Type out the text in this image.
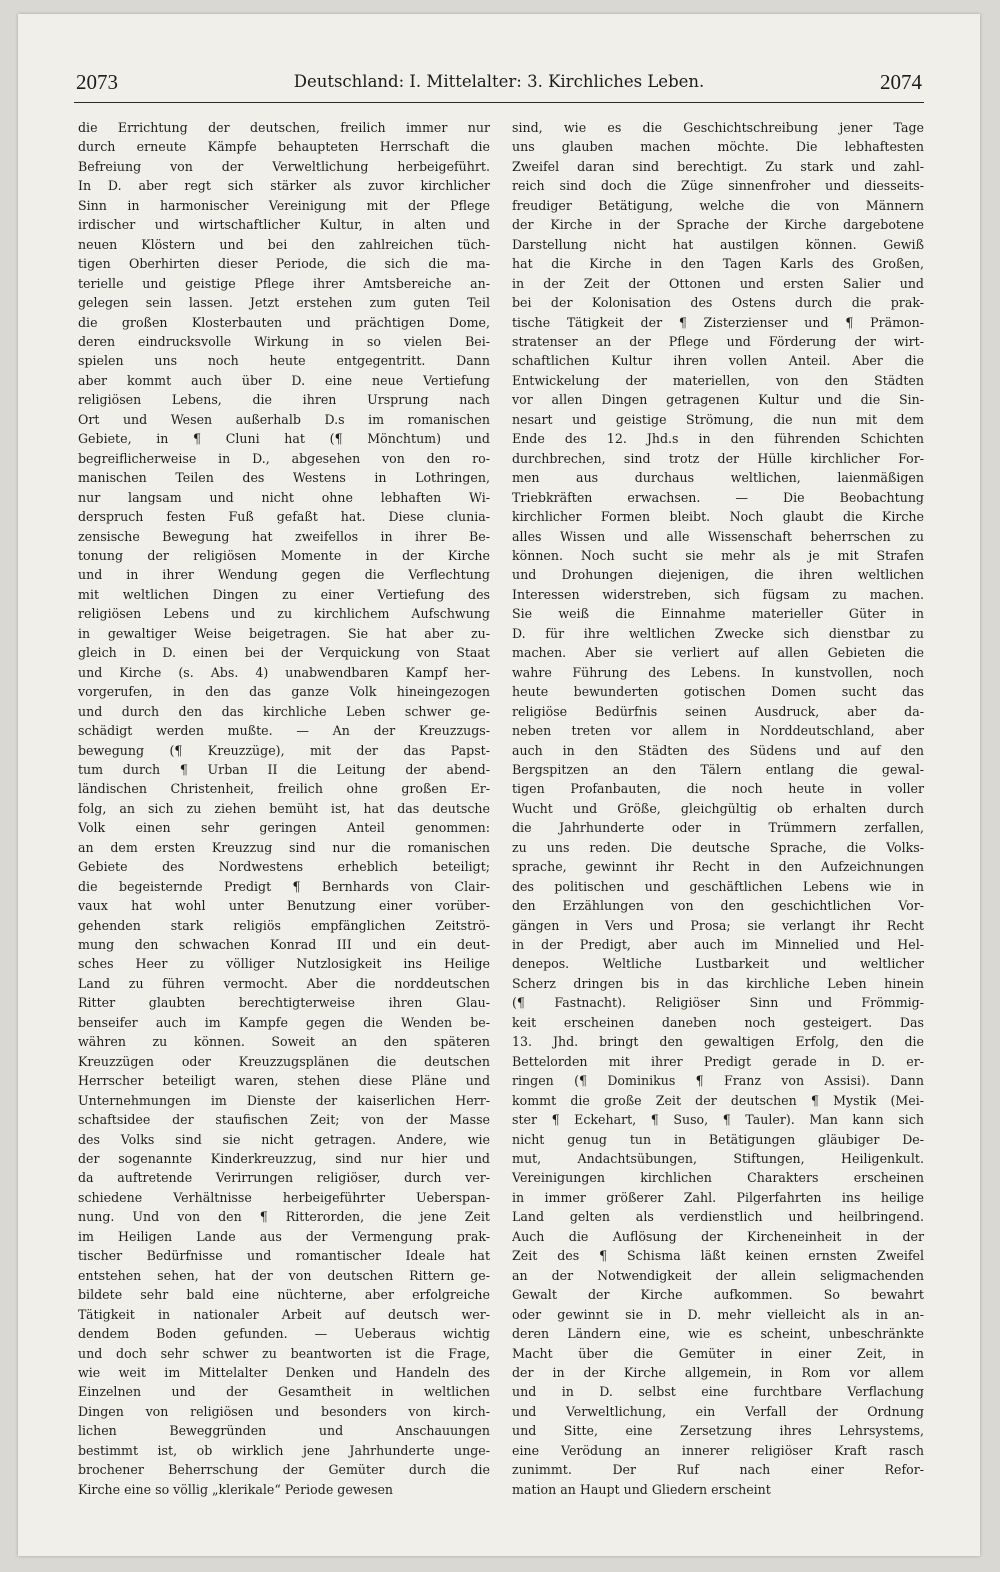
2073	Deutschland: I. Mittelalter: 3. Kirchliches Leben.	2074
die Errichtung der deutschen, freilich immer nur
durch erneute Kämpfe behaupteten Herrschaft die
Befreiung von der Verweltlichung herbeigeführt.
In D. aber regt sich stärker als zuvor kirchlicher
Sinn in harmonischer Vereinigung mit der Pflege
irdischer und wirtschaftlicher Kultur, in alten und
neuen Klöstern und bei den zahlreichen tüch-
tigen Oberhirten dieser Periode, die sich die ma-
terielle und geistige Pflege ihrer Amtsbereiche an-
gelegen sein lassen. Jetzt erstehen zum guten Teil
die großen Klosterbauten und prächtigen Dome,
deren eindrucksvolle Wirkung in so vielen Bei-
spielen uns noch heute entgegentritt. Dann
aber kommt auch über D. eine neue Vertiefung
religiösen Lebens, die ihren Ursprung nach
Ort und Wesen außerhalb D.s im romanischen
Gebiete, in ¶ Cluni hat (¶ Mönchtum) und
begreiflicherweise in D., abgesehen von den ro-
manischen Teilen des Westens in Lothringen,
nur langsam und nicht ohne lebhaften Wi-
derspruch festen Fuß gefaßt hat. Diese clunia-
zensische Bewegung hat zweifellos in ihrer Be-
tonung der religiösen Momente in der Kirche
und in ihrer Wendung gegen die Verflechtung
mit weltlichen Dingen zu einer Vertiefung des
religiösen Lebens und zu kirchlichem Aufschwung
in gewaltiger Weise beigetragen. Sie hat aber zu-
gleich in D. einen bei der Verquickung von Staat
und Kirche (s. Abs. 4) unabwendbaren Kampf her-
vorgerufen, in den das ganze Volk hineingezogen
und durch den das kirchliche Leben schwer ge-
schädigt werden mußte. — An der Kreuzzugs-
bewegung (¶ Kreuzzüge), mit der das Papst-
tum durch ¶ Urban II die Leitung der abend-
ländischen Christenheit, freilich ohne großen Er-
folg, an sich zu ziehen bemüht ist, hat das deutsche
Volk einen sehr geringen Anteil genommen:
an dem ersten Kreuzzug sind nur die romanischen
Gebiete des Nordwestens erheblich beteiligt;
die begeisternde Predigt ¶ Bernhards von Clair-
vaux hat wohl unter Benutzung einer vorüber-
gehenden stark religiös empfänglichen Zeitströ-
mung den schwachen Konrad III und ein deut-
sches Heer zu völliger Nutzlosigkeit ins Heilige
Land zu führen vermocht. Aber die norddeutschen
Ritter glaubten berechtigterweise ihren Glau-
benseifer auch im Kampfe gegen die Wenden be-
währen zu können. Soweit an den späteren
Kreuzzügen oder Kreuzzugsplänen die deutschen
Herrscher beteiligt waren, stehen diese Pläne und
Unternehmungen im Dienste der kaiserlichen Herr-
schaftsidee der staufischen Zeit; von der Masse
des Volks sind sie nicht getragen. Andere, wie
der sogenannte Kinderkreuzzug, sind nur hier und
da auftretende Verirrungen religiöser, durch ver-
schiedene Verhältnisse herbeigeführter Ueberspan-
nung. Und von den ¶ Ritterorden, die jene Zeit
im Heiligen Lande aus der Vermengung prak-
tischer Bedürfnisse und romantischer Ideale hat
entstehen sehen, hat der von deutschen Rittern ge-
bildete sehr bald eine nüchterne, aber erfolgreiche
Tätigkeit in nationaler Arbeit auf deutsch wer-
dendem Boden gefunden. — Ueberaus wichtig
und doch sehr schwer zu beantworten ist die Frage,
wie weit im Mittelalter Denken und Handeln des
Einzelnen und der Gesamtheit in weltlichen
Dingen von religiösen und besonders von kirch-
lichen Beweggründen und Anschauungen
bestimmt ist, ob wirklich jene Jahrhunderte unge-
brochener Beherrschung der Gemüter durch die
Kirche eine so völlig „klerikale“ Periode gewesen
sind, wie es die Geschichtschreibung jener Tage
uns glauben machen möchte. Die lebhaftesten
Zweifel daran sind berechtigt. Zu stark und zahl-
reich sind doch die Züge sinnenfroher und diesseits-
freudiger Betätigung, welche die von Männern
der Kirche in der Sprache der Kirche dargebotene
Darstellung nicht hat austilgen können. Gewiß
hat die Kirche in den Tagen Karls des Großen,
in der Zeit der Ottonen und ersten Salier und
bei der Kolonisation des Ostens durch die prak-
tische Tätigkeit der ¶ Zisterzienser und ¶ Prämon-
stratenser an der Pflege und Förderung der wirt-
schaftlichen Kultur ihren vollen Anteil. Aber die
Entwickelung der materiellen, von den Städten
vor allen Dingen getragenen Kultur und die Sin-
nesart und geistige Strömung, die nun mit dem
Ende des 12. Jhd.s in den führenden Schichten
durchbrechen, sind trotz der Hülle kirchlicher For-
men aus durchaus weltlichen, laienmäßigen
Triebkräften erwachsen. — Die Beobachtung
kirchlicher Formen bleibt. Noch glaubt die Kirche
alles Wissen und alle Wissenschaft beherrschen zu
können. Noch sucht sie mehr als je mit Strafen
und Drohungen diejenigen, die ihren weltlichen
Interessen widerstreben, sich fügsam zu machen.
Sie weiß die Einnahme materieller Güter in
D. für ihre weltlichen Zwecke sich dienstbar zu
machen. Aber sie verliert auf allen Gebieten die
wahre Führung des Lebens. In kunstvollen, noch
heute bewunderten gotischen Domen sucht das
religiöse Bedürfnis seinen Ausdruck, aber da-
neben treten vor allem in Norddeutschland, aber
auch in den Städten des Südens und auf den
Bergspitzen an den Tälern entlang die gewal-
tigen Profanbauten, die noch heute in voller
Wucht und Größe, gleichgültig ob erhalten durch
die Jahrhunderte oder in Trümmern zerfallen,
zu uns reden. Die deutsche Sprache, die Volks-
sprache, gewinnt ihr Recht in den Aufzeichnungen
des politischen und geschäftlichen Lebens wie in
den Erzählungen von den geschichtlichen Vor-
gängen in Vers und Prosa; sie verlangt ihr Recht
in der Predigt, aber auch im Minnelied und Hel-
denepos. Weltliche Lustbarkeit und weltlicher
Scherz dringen bis in das kirchliche Leben hinein
(¶ Fastnacht). Religiöser Sinn und Frömmig-
keit erscheinen daneben noch gesteigert. Das
13. Jhd. bringt den gewaltigen Erfolg, den die
Bettelorden mit ihrer Predigt gerade in D. er-
ringen (¶ Dominikus ¶ Franz von Assisi). Dann
kommt die große Zeit der deutschen ¶ Mystik (Mei-
ster ¶ Eckehart, ¶ Suso, ¶ Tauler). Man kann sich
nicht genug tun in Betätigungen gläubiger De-
mut, Andachtsübungen, Stiftungen, Heiligenkult.
Vereinigungen kirchlichen Charakters erscheinen
in immer größerer Zahl. Pilgerfahrten ins heilige
Land gelten als verdienstlich und heilbringend.
Auch die Auflösung der Kircheneinheit in der
Zeit des ¶ Schisma läßt keinen ernsten Zweifel
an der Notwendigkeit der allein seligmachenden
Gewalt der Kirche aufkommen. So bewahrt
oder gewinnt sie in D. mehr vielleicht als in an-
deren Ländern eine, wie es scheint, unbeschränkte
Macht über die Gemüter in einer Zeit, in
der in der Kirche allgemein, in Rom vor allem
und in D. selbst eine furchtbare Verflachung
und Verweltlichung, ein Verfall der Ordnung
und Sitte, eine Zersetzung ihres Lehrsystems,
eine Verödung an innerer religiöser Kraft rasch
zunimmt. Der Ruf nach einer Refor-
mation an Haupt und Gliedern erscheint
